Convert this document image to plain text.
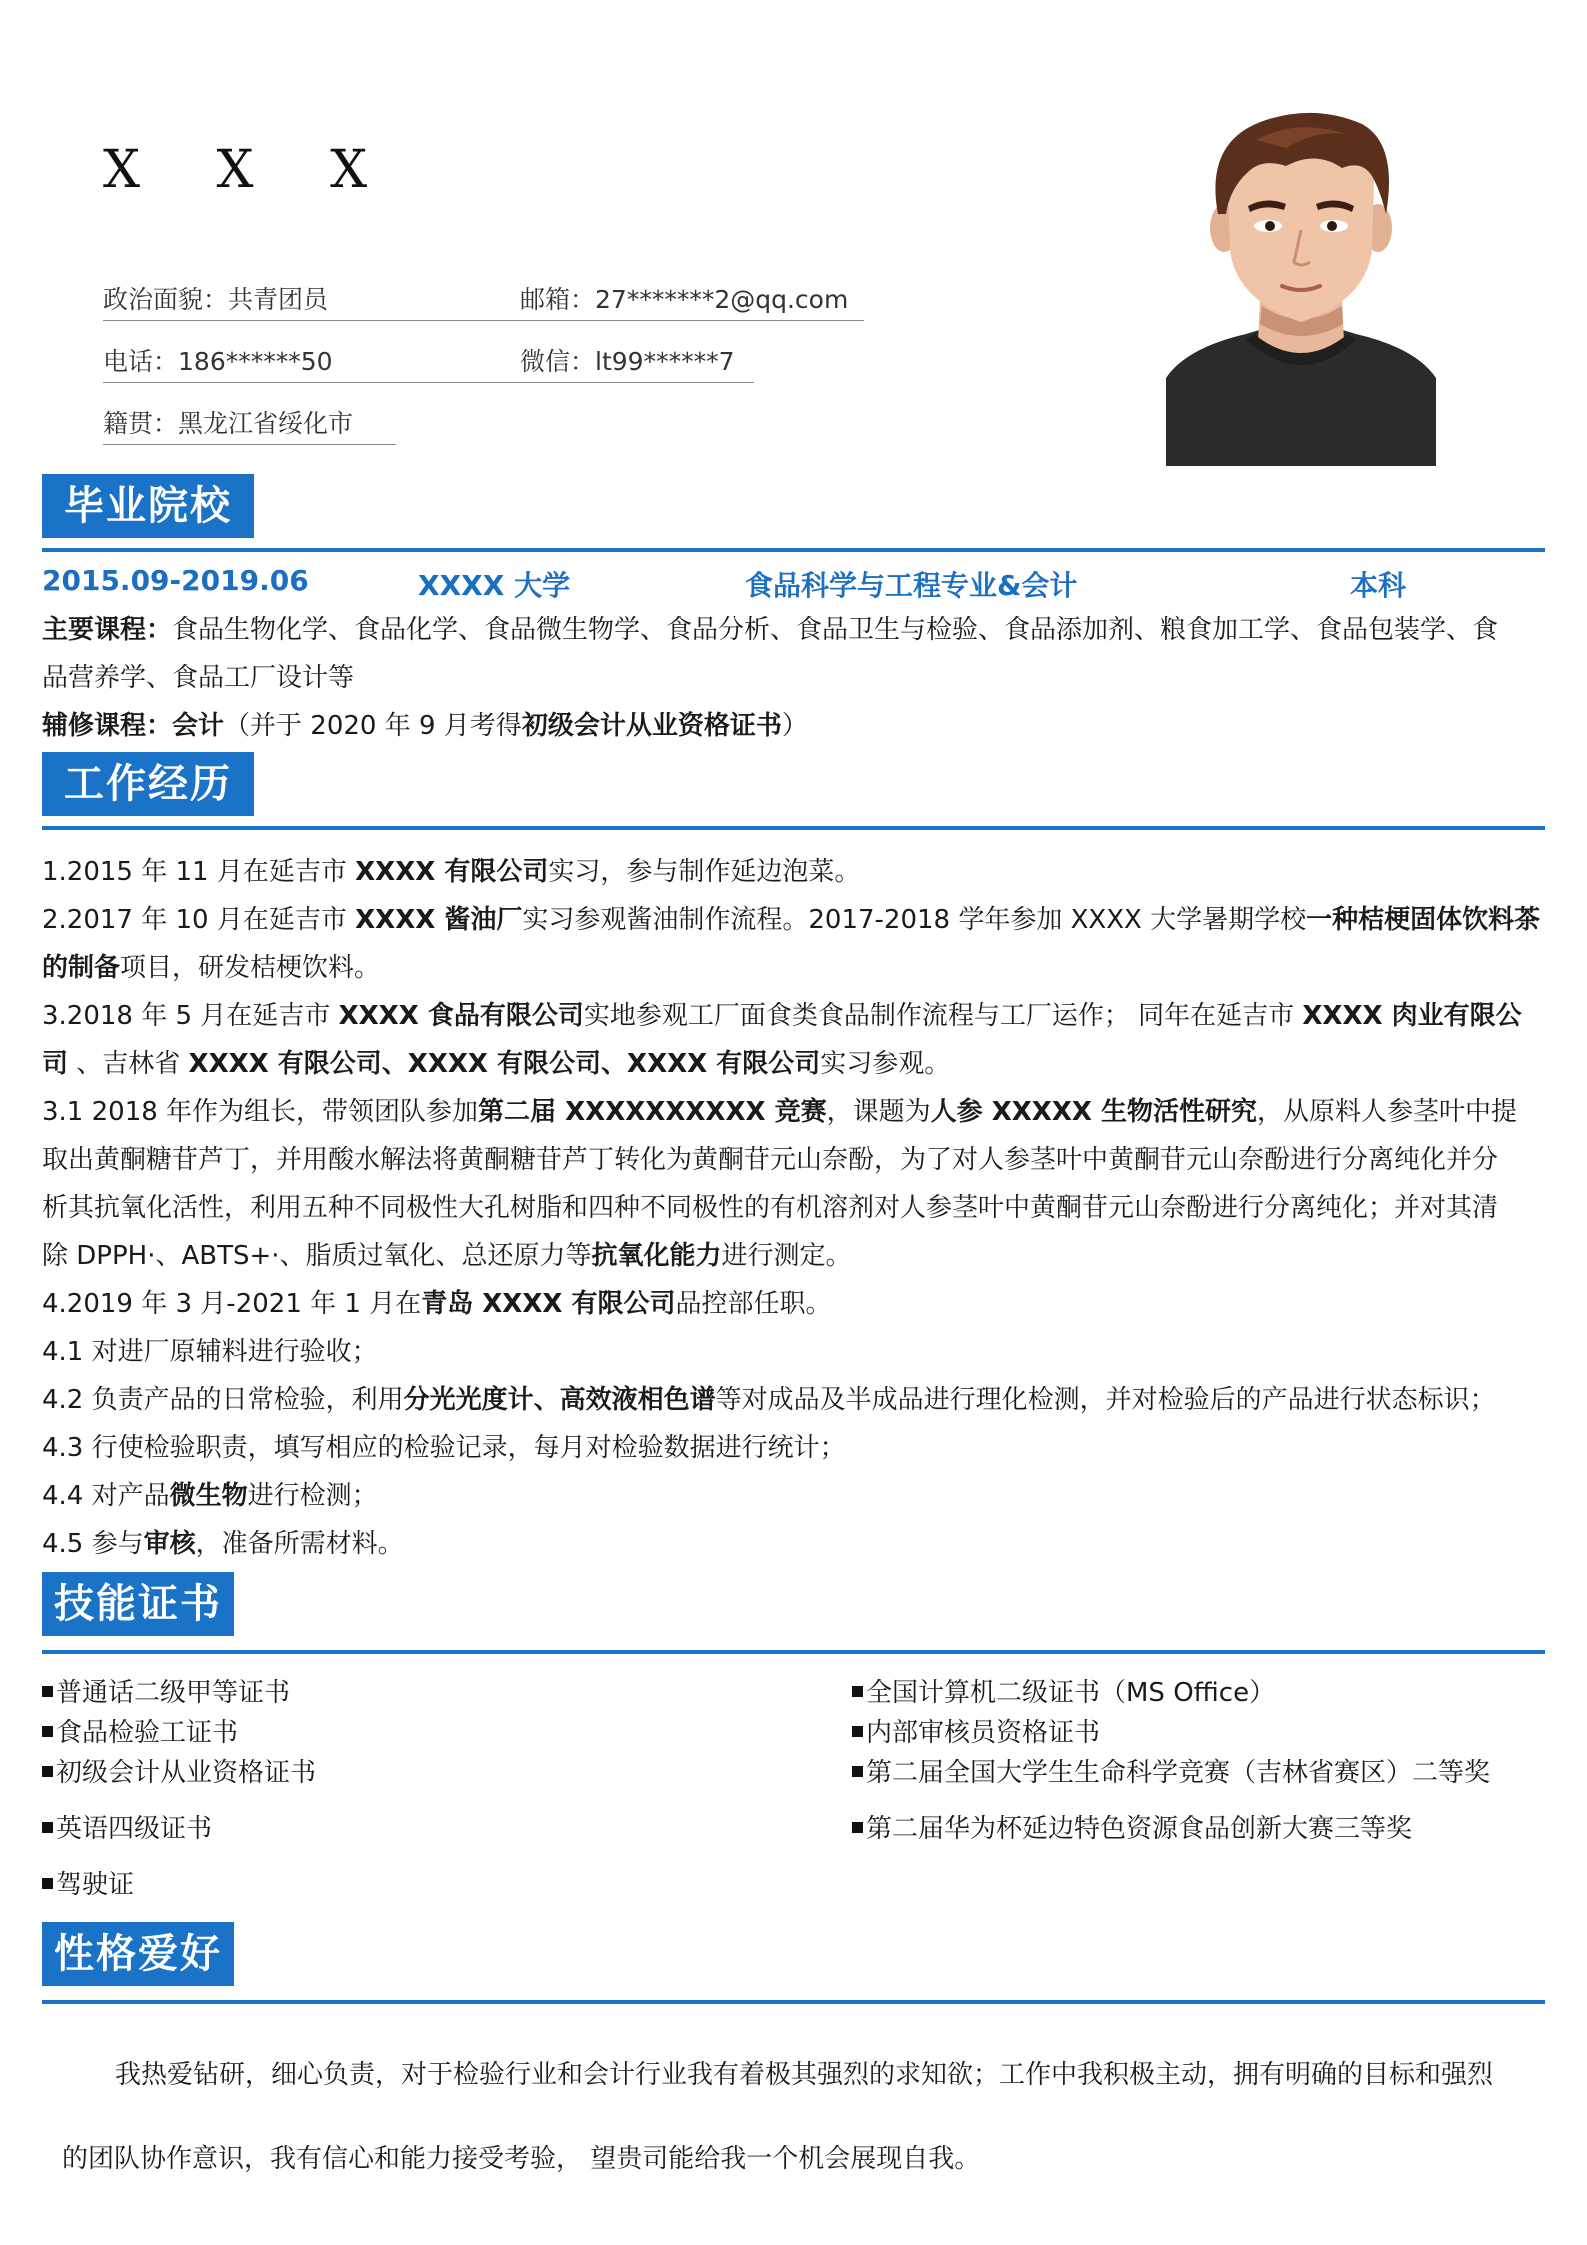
X X X
政治面貌：共青团员	邮箱：27*******2@qq.com
电话：186******50	微信：lt99******7
籍贯：黑龙江省绥化市
毕业院校
2015.09-2019.06	XXXX 大学	食品科学与工程专业&会计	本科
主要课程：食品生物化学、食品化学、食品微生物学、食品分析、食品卫生与检验、食品添加剂、粮食加工学、食品包装学、食
品营养学、食品工厂设计等
辅修课程：会计（并于 2020 年 9 月考得初级会计从业资格证书）
工作经历
1.2015 年 11 月在延吉市 XXXX 有限公司实习，参与制作延边泡菜。
2.2017 年 10 月在延吉市 XXXX 酱油厂实习参观酱油制作流程。2017-2018 学年参加 XXXX 大学暑期学校一种桔梗固体饮料茶
的制备项目，研发桔梗饮料。
3.2018 年 5 月在延吉市 XXXX 食品有限公司实地参观工厂面食类食品制作流程与工厂运作； 同年在延吉市 XXXX 肉业有限公
司 、吉林省 XXXX 有限公司、XXXX 有限公司、XXXX 有限公司实习参观。
3.1 2018 年作为组长，带领团队参加第二届 XXXXXXXXXX 竞赛，课题为人参 XXXXX 生物活性研究，从原料人参茎叶中提
取出黄酮糖苷芦丁，并用酸水解法将黄酮糖苷芦丁转化为黄酮苷元山奈酚，为了对人参茎叶中黄酮苷元山奈酚进行分离纯化并分
析其抗氧化活性，利用五种不同极性大孔树脂和四种不同极性的有机溶剂对人参茎叶中黄酮苷元山奈酚进行分离纯化；并对其清
除 DPPH·、ABTS+·、脂质过氧化、总还原力等抗氧化能力进行测定。
4.2019 年 3 月-2021 年 1 月在青岛 XXXX 有限公司品控部任职。
4.1 对进厂原辅料进行验收；
4.2 负责产品的日常检验，利用分光光度计、高效液相色谱等对成品及半成品进行理化检测，并对检验后的产品进行状态标识；
4.3 行使检验职责，填写相应的检验记录，每月对检验数据进行统计；
4.4 对产品微生物进行检测；
4.5 参与审核，准备所需材料。
技能证书
普通话二级甲等证书
食品检验工证书
初级会计从业资格证书
英语四级证书
驾驶证
全国计算机二级证书（MS Office）
内部审核员资格证书
第二届全国大学生生命科学竞赛（吉林省赛区）二等奖
第二届华为杯延边特色资源食品创新大赛三等奖
性格爱好
我热爱钻研，细心负责，对于检验行业和会计行业我有着极其强烈的求知欲；工作中我积极主动，拥有明确的目标和强烈
的团队协作意识，我有信心和能力接受考验， 望贵司能给我一个机会展现自我。
